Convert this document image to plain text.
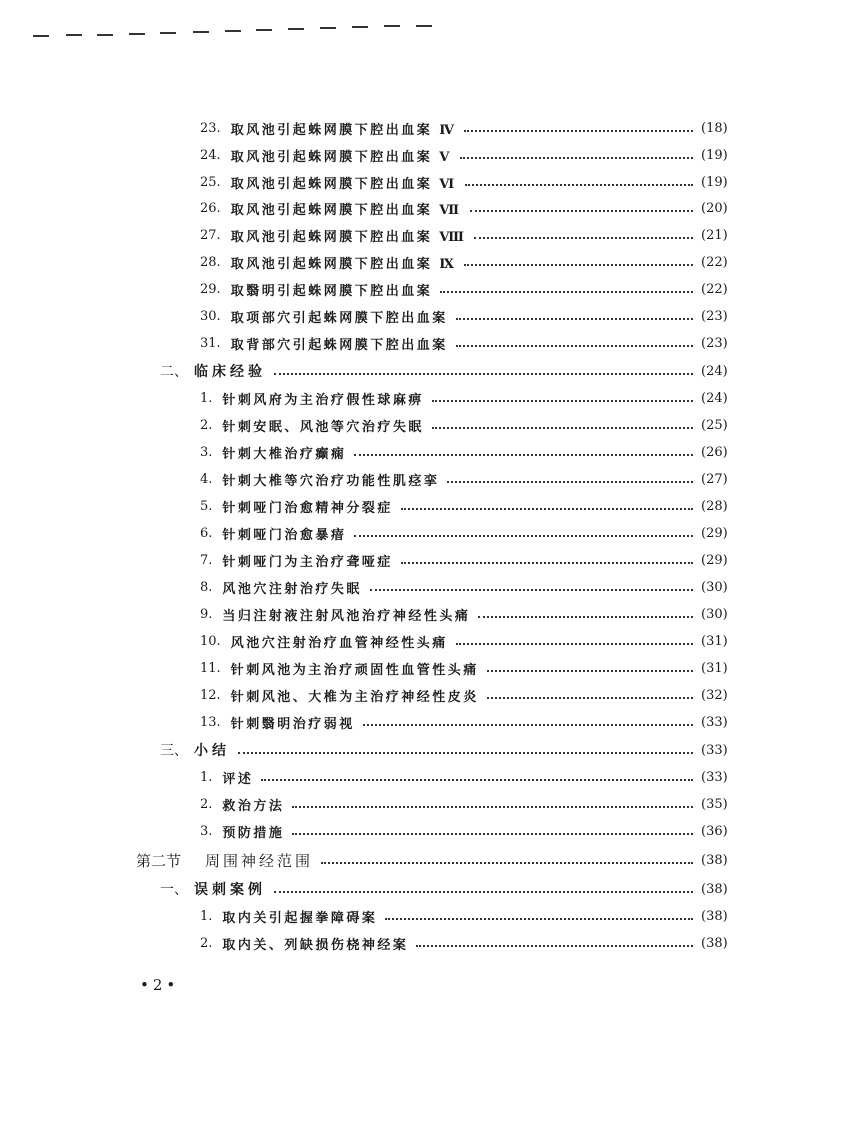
23. 取风池引起蛛网膜下腔出血案 Ⅳ	(18)
24. 取风池引起蛛网膜下腔出血案 Ⅴ	(19)
25. 取风池引起蛛网膜下腔出血案 Ⅵ	(19)
26. 取风池引起蛛网膜下腔出血案 Ⅶ	(20)
27. 取风池引起蛛网膜下腔出血案 Ⅷ	(21)
28. 取风池引起蛛网膜下腔出血案 Ⅸ	(22)
29. 取翳明引起蛛网膜下腔出血案	(22)
30. 取项部穴引起蛛网膜下腔出血案	(23)
31. 取背部穴引起蛛网膜下腔出血案	(23)
二、 临床经验	(24)
1. 针刺风府为主治疗假性球麻痹	(24)
2. 针刺安眠、风池等穴治疗失眠	(25)
3. 针刺大椎治疗癫痫	(26)
4. 针刺大椎等穴治疗功能性肌痉挛	(27)
5. 针刺哑门治愈精神分裂症	(28)
6. 针刺哑门治愈暴瘖	(29)
7. 针刺哑门为主治疗聋哑症	(29)
8. 风池穴注射治疗失眠	(30)
9. 当归注射液注射风池治疗神经性头痛	(30)
10. 风池穴注射治疗血管神经性头痛	(31)
11. 针刺风池为主治疗顽固性血管性头痛	(31)
12. 针刺风池、大椎为主治疗神经性皮炎	(32)
13. 针刺翳明治疗弱视	(33)
三、 小结	(33)
1. 评述	(33)
2. 救治方法	(35)
3. 预防措施	(36)
第二节 周围神经范围	(38)
一、 误刺案例	(38)
1. 取内关引起握拳障碍案	(38)
2. 取内关、列缺损伤桡神经案	(38)
•2•
